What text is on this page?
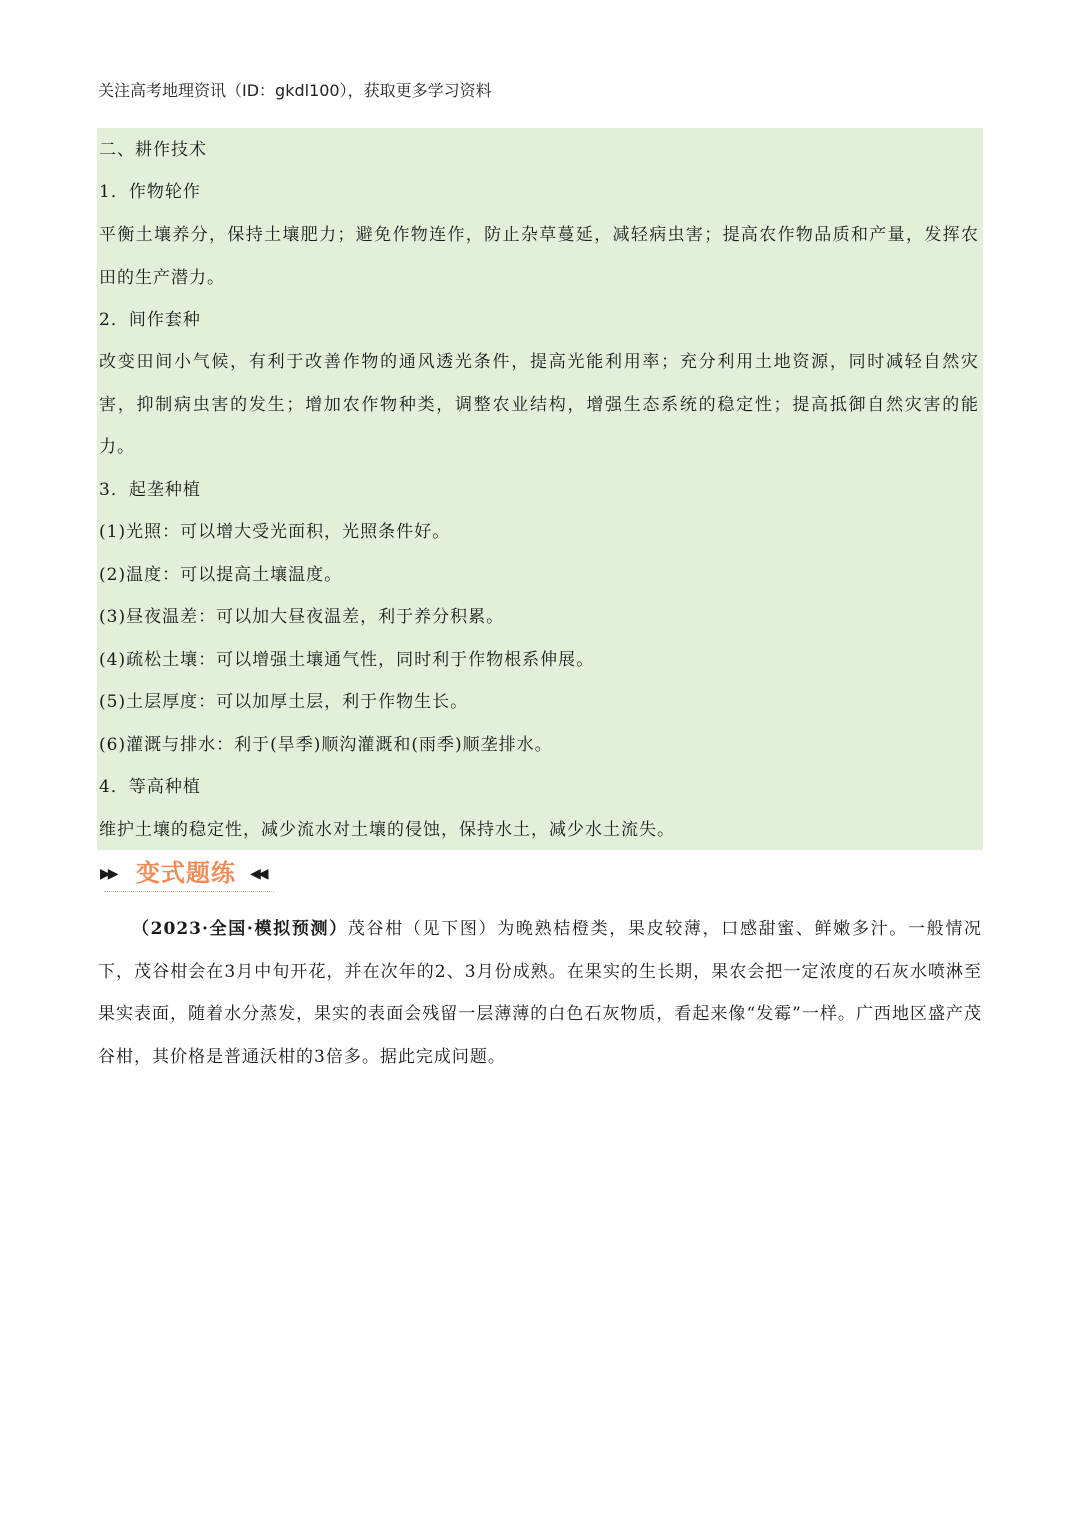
关注高考地理资讯（ID：gkdl100），获取更多学习资料
二、耕作技术
1．作物轮作
平衡土壤养分，保持土壤肥力；避免作物连作，防止杂草蔓延，减轻病虫害；提高农作物品质和产量，发挥农田的生产潜力。
2．间作套种
改变田间小气候，有利于改善作物的通风透光条件，提高光能利用率；充分利用土地资源，同时减轻自然灾害，抑制病虫害的发生；增加农作物种类，调整农业结构，增强生态系统的稳定性；提高抵御自然灾害的能力。
3．起垄种植
(1)光照：可以增大受光面积，光照条件好。
(2)温度：可以提高土壤温度。
(3)昼夜温差：可以加大昼夜温差，利于养分积累。
(4)疏松土壤：可以增强土壤通气性，同时利于作物根系伸展。
(5)土层厚度：可以加厚土层，利于作物生长。
(6)灌溉与排水：利于(旱季)顺沟灌溉和(雨季)顺垄排水。
4．等高种植
维护土壤的稳定性，减少流水对土壤的侵蚀，保持水土，减少水土流失。
▶▶ 变式题练 ◀◀
（2023·全国·模拟预测）茂谷柑（见下图）为晚熟桔橙类，果皮较薄，口感甜蜜、鲜嫩多汁。一般情况下，茂谷柑会在3月中旬开花，并在次年的2、3月份成熟。在果实的生长期，果农会把一定浓度的石灰水喷淋至果实表面，随着水分蒸发，果实的表面会残留一层薄薄的白色石灰物质，看起来像“发霉”一样。广西地区盛产茂谷柑，其价格是普通沃柑的3倍多。据此完成问题。
